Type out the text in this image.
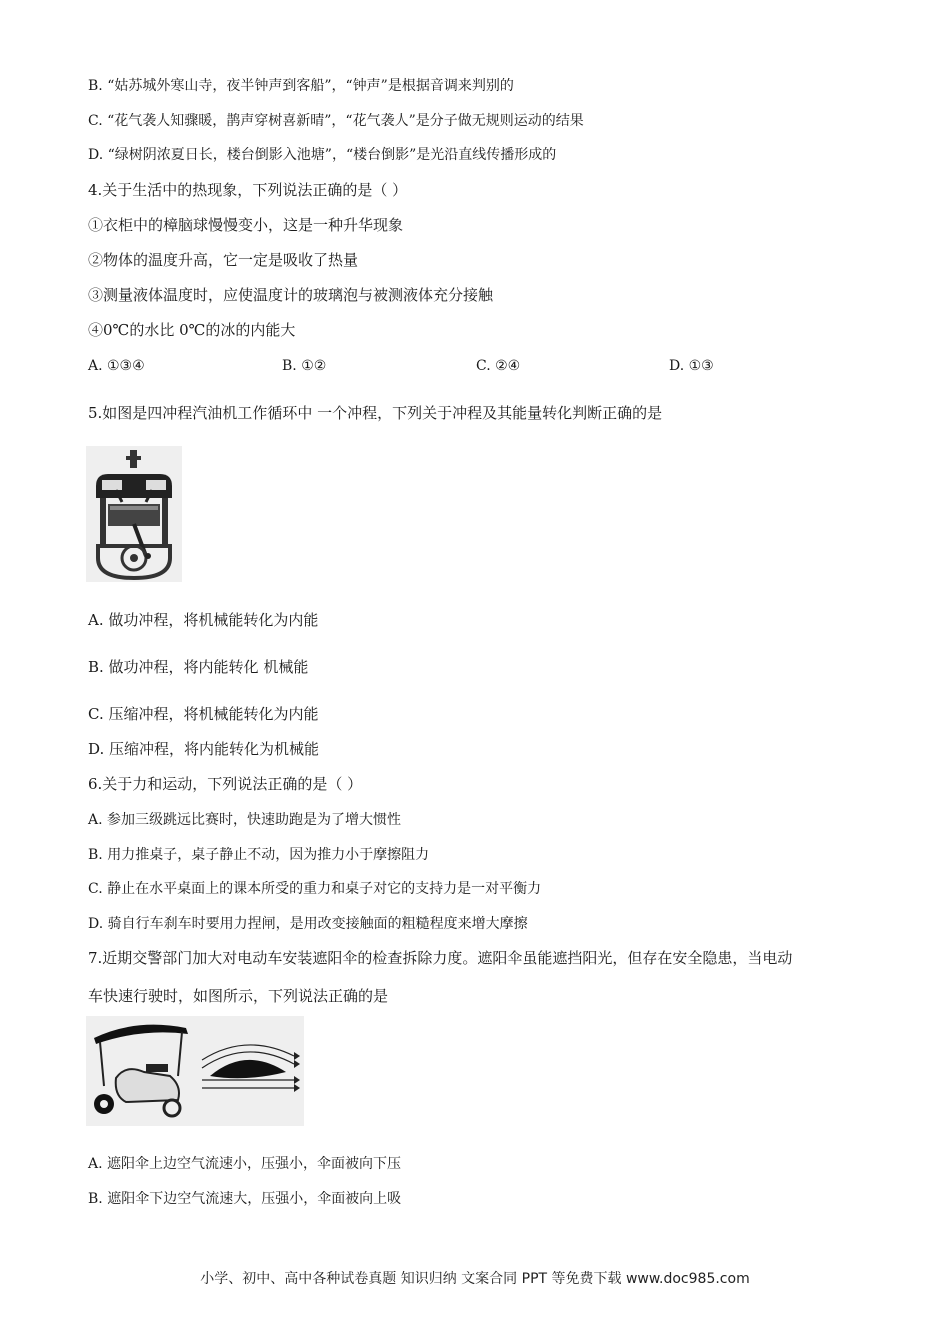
B. “姑苏城外寒山寺，夜半钟声到客船”，“钟声”是根据音调来判别的
C. “花气袭人知骤暖，鹊声穿树喜新晴”，“花气袭人”是分子做无规则运动的结果
D. “绿树阴浓夏日长，楼台倒影入池塘”，“楼台倒影”是光沿直线传播形成的
4.关于生活中的热现象，下列说法正确的是（ ）
①衣柜中的樟脑球慢慢变小，这是一种升华现象
②物体的温度升高，它一定是吸收了热量
③测量液体温度时，应使温度计的玻璃泡与被测液体充分接触
④0℃的水比 0℃的冰的内能大
A. ①③④	B. ①②	C. ②④	D. ①③
5.如图是四冲程汽油机工作循环中 一个冲程，下列关于冲程及其能量转化判断正确的是
A. 做功冲程，将机械能转化为内能
B. 做功冲程，将内能转化 机械能
C. 压缩冲程，将机械能转化为内能
D. 压缩冲程，将内能转化为机械能
6.关于力和运动，下列说法正确的是（ ）
A. 参加三级跳远比赛时，快速助跑是为了增大惯性
B. 用力推桌子，桌子静止不动，因为推力小于摩擦阻力
C. 静止在水平桌面上的课本所受的重力和桌子对它的支持力是一对平衡力
D. 骑自行车刹车时要用力捏闸，是用改变接触面的粗糙程度来增大摩擦
7.近期交警部门加大对电动车安装遮阳伞的检查拆除力度。遮阳伞虽能遮挡阳光，但存在安全隐患，当电动
车快速行驶时，如图所示，下列说法正确的是
A. 遮阳伞上边空气流速小，压强小，伞面被向下压
B. 遮阳伞下边空气流速大，压强小，伞面被向上吸
小学、初中、高中各种试卷真题 知识归纳 文案合同 PPT 等免费下载 www.doc985.com
